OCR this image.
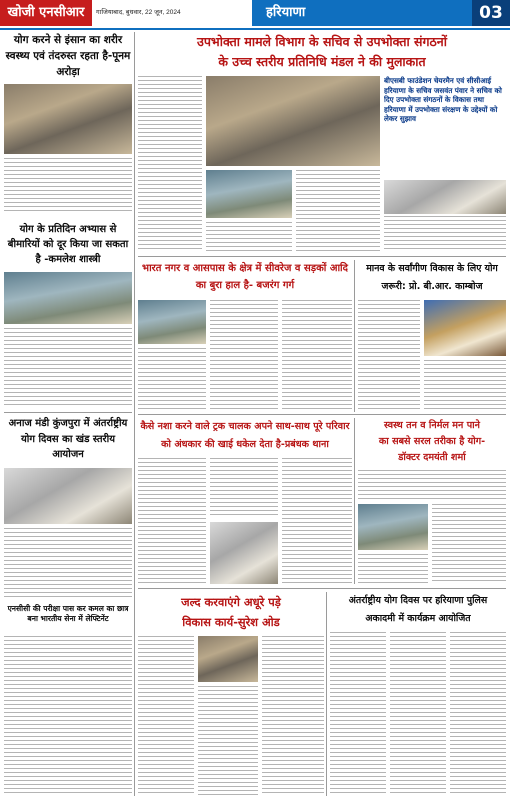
खोजी एनसीआर	गाजियाबाद, बुधवार, 22 जून, 2024	हरियाणा	03
योग करने से इंसान का शरीर स्वस्थ्य एवं तंदरुस्त रहता है-पूनम अरोड़ा
योग के प्रतिदिन अभ्यास से बीमारियों को दूर किया जा सकता है -कमलेश शास्त्री
अनाज मंडी कुंजपुरा में अंतर्राष्ट्रीय योग दिवस का खंड स्तरीय आयोजन
एनसीसी की परीक्षा पास कर कमल का छात्र बना भारतीय सेना में लेफ्टिनेंट
उपभोक्ता मामले विभाग के सचिव से उपभोक्ता संगठनों
के उच्च स्तरीय प्रतिनिधि मंडल ने की मुलाकात
बीएसबी फाउंडेशन चेयरमैन एवं सीसीआई हरियाणा के सचिव जसवंत पंवार ने सचिव को दिए उपभोक्ता संगठनों के विकास तथा हरियाणा में उपभोक्ता संरक्षण के उद्देश्यों को लेकर सुझाव
भारत नगर व आसपास के क्षेत्र में सीवरेज व सड़कों आदि का बुरा हाल है- बजरंग गर्ग
मानव के सर्वांगीण विकास के लिए योग
जरूरी: प्रो. बी.आर. काम्बोज
कैसे नशा करने वाले ट्रक चालक अपने साथ-साथ पूरे परिवार
को अंधकार की खाई धकेल देता है-प्रबंधक थाना
स्वस्थ तन व निर्मल मन पाने
का सबसे सरल तरीका है योग-
डॉक्टर दमयंती शर्मा
जल्द करवाएंगे अधूरे पड़े
विकास कार्य-सुरेश ओड
अंतर्राष्ट्रीय योग दिवस पर हरियाणा पुलिस
अकादमी में कार्यक्रम आयोजित
